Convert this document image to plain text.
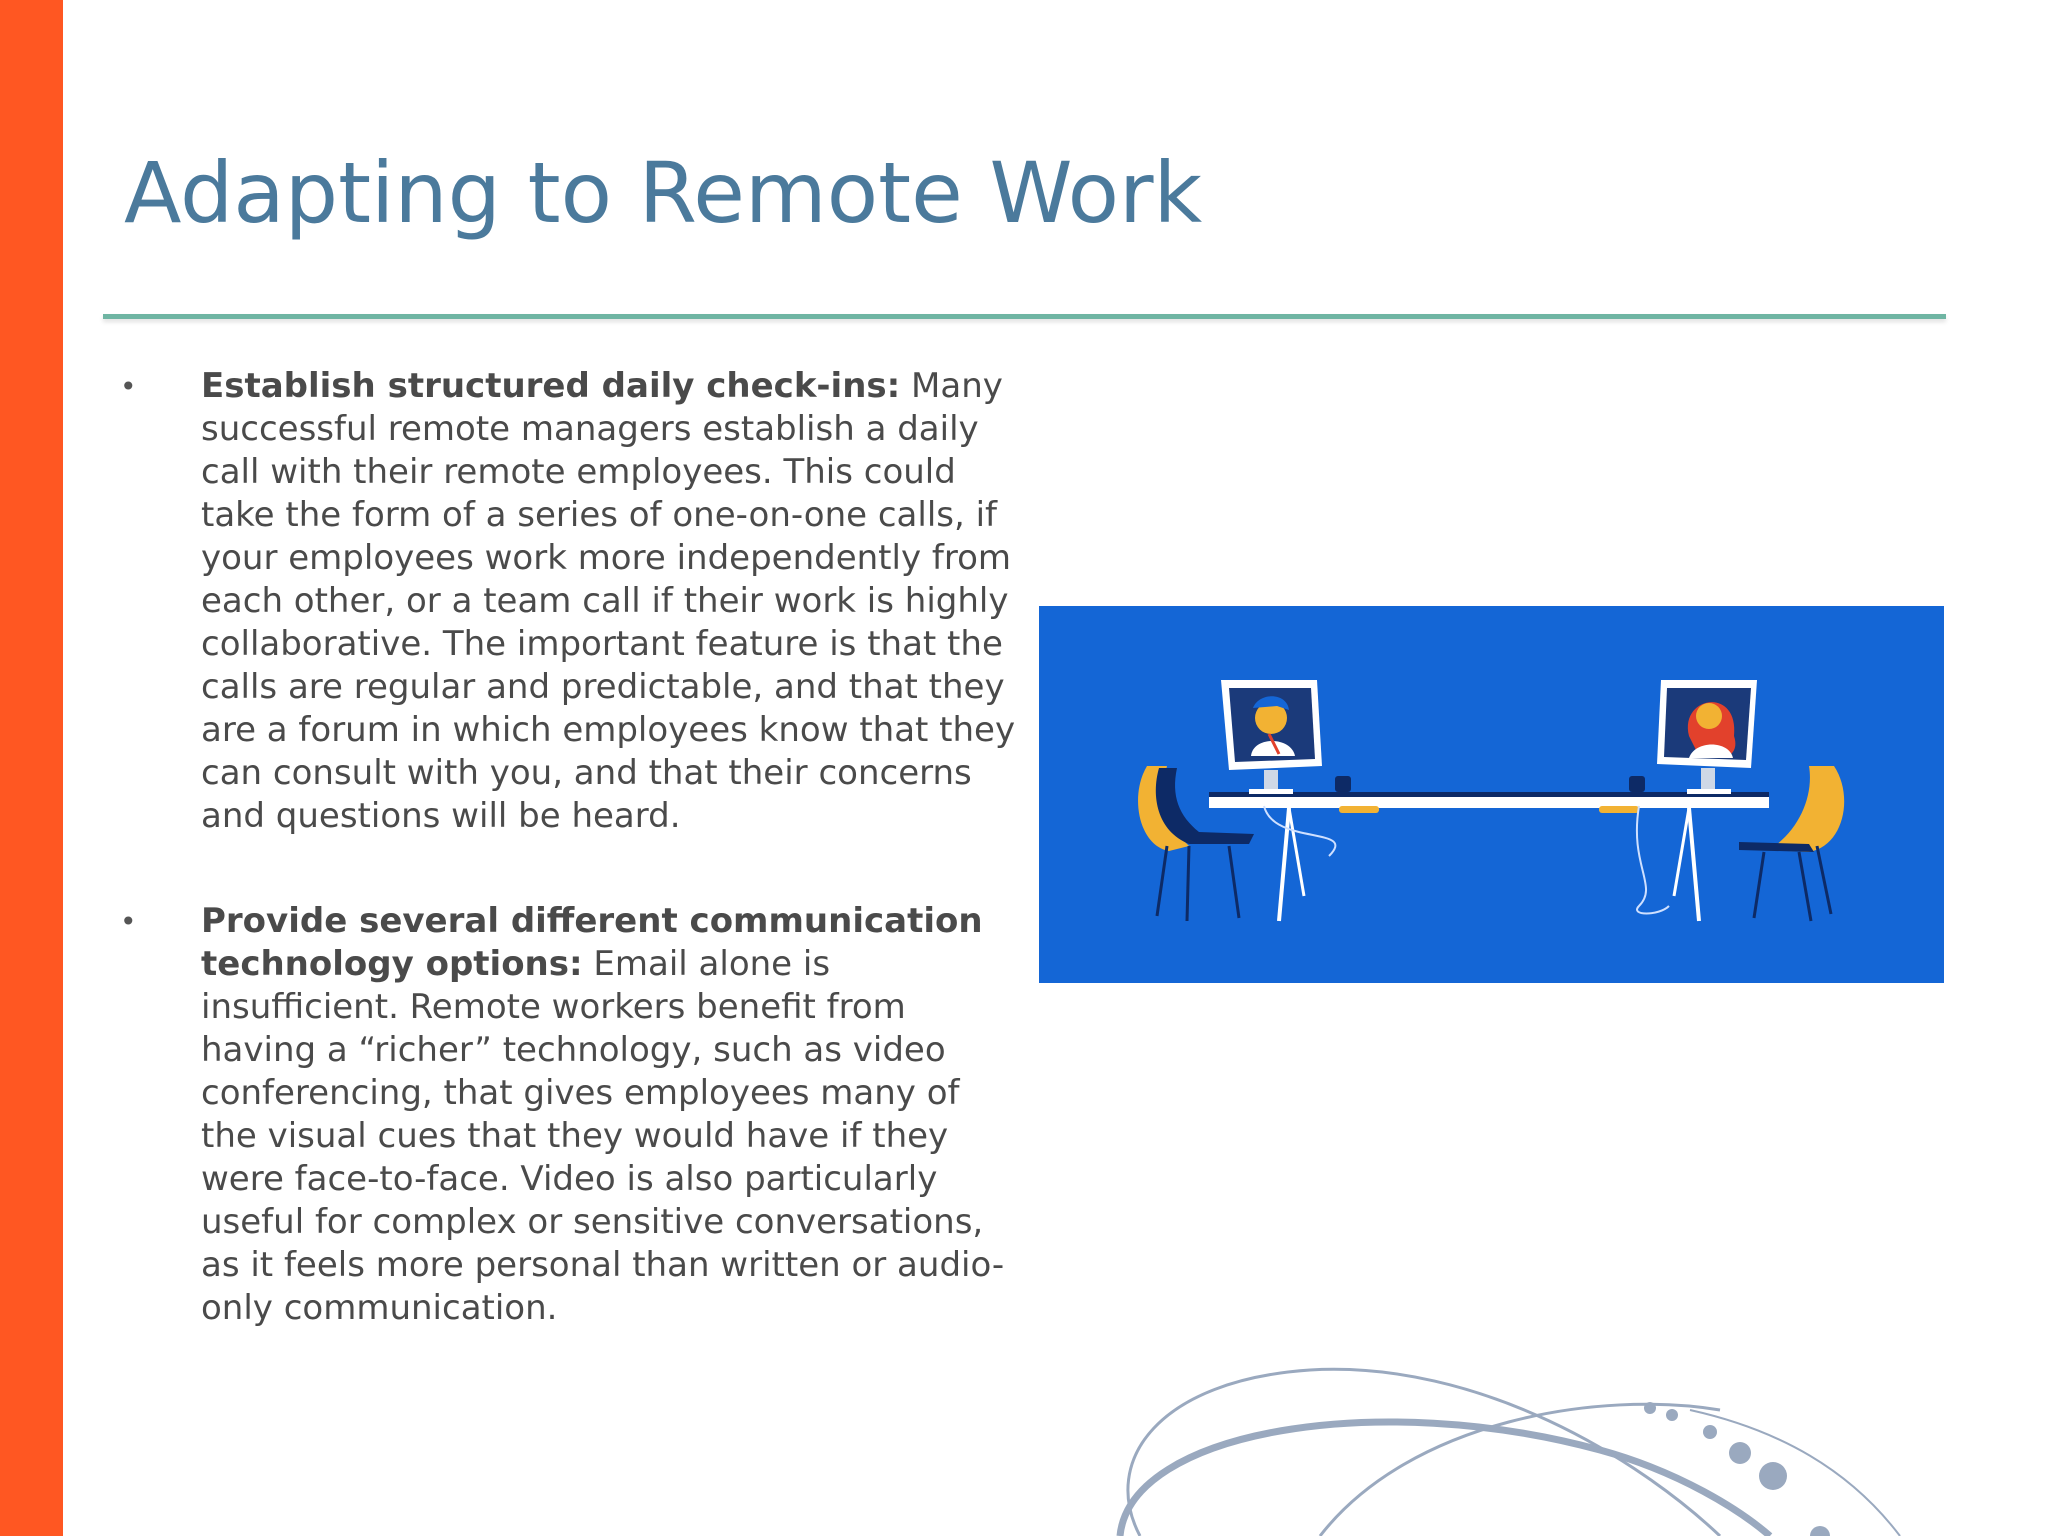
Adapting to Remote Work
• Establish structured daily check-ins: Many successful remote managers establish a daily call with their remote employees. This could take the form of a series of one-on-one calls, if your employees work more independently from each other, or a team call if their work is highly collaborative. The important feature is that the calls are regular and predictable, and that they are a forum in which employees know that they can consult with you, and that their concerns and questions will be heard.
• Provide several different communication technology options: Email alone is insufficient. Remote workers benefit from having a “richer” technology, such as video conferencing, that gives employees many of the visual cues that they would have if they were face-to-face. Video is also particularly useful for complex or sensitive conversations, as it feels more personal than written or audio-only communication.
